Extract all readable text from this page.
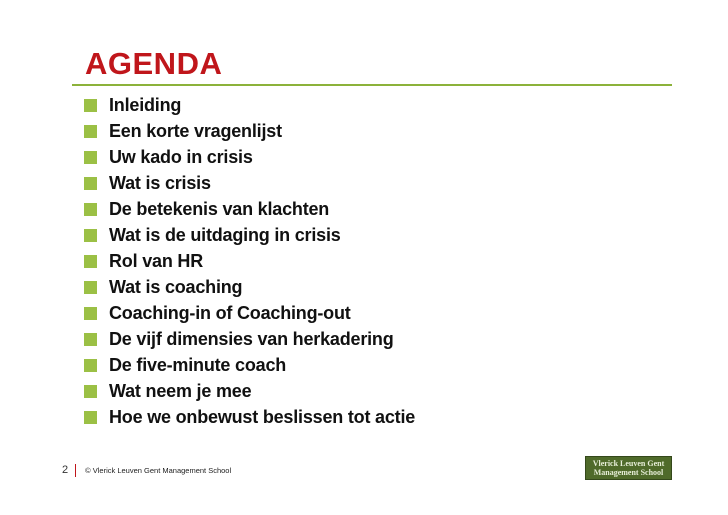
AGENDA
Inleiding
Een korte vragenlijst
Uw kado in crisis
Wat is crisis
De betekenis van klachten
Wat is de uitdaging in crisis
Rol van HR
Wat is coaching
Coaching-in of Coaching-out
De vijf dimensies van herkadering
De five-minute coach
Wat neem je mee
Hoe we onbewust beslissen tot actie
2 © Vlerick Leuven Gent Management School
Vlerick Leuven Gent
Management School
